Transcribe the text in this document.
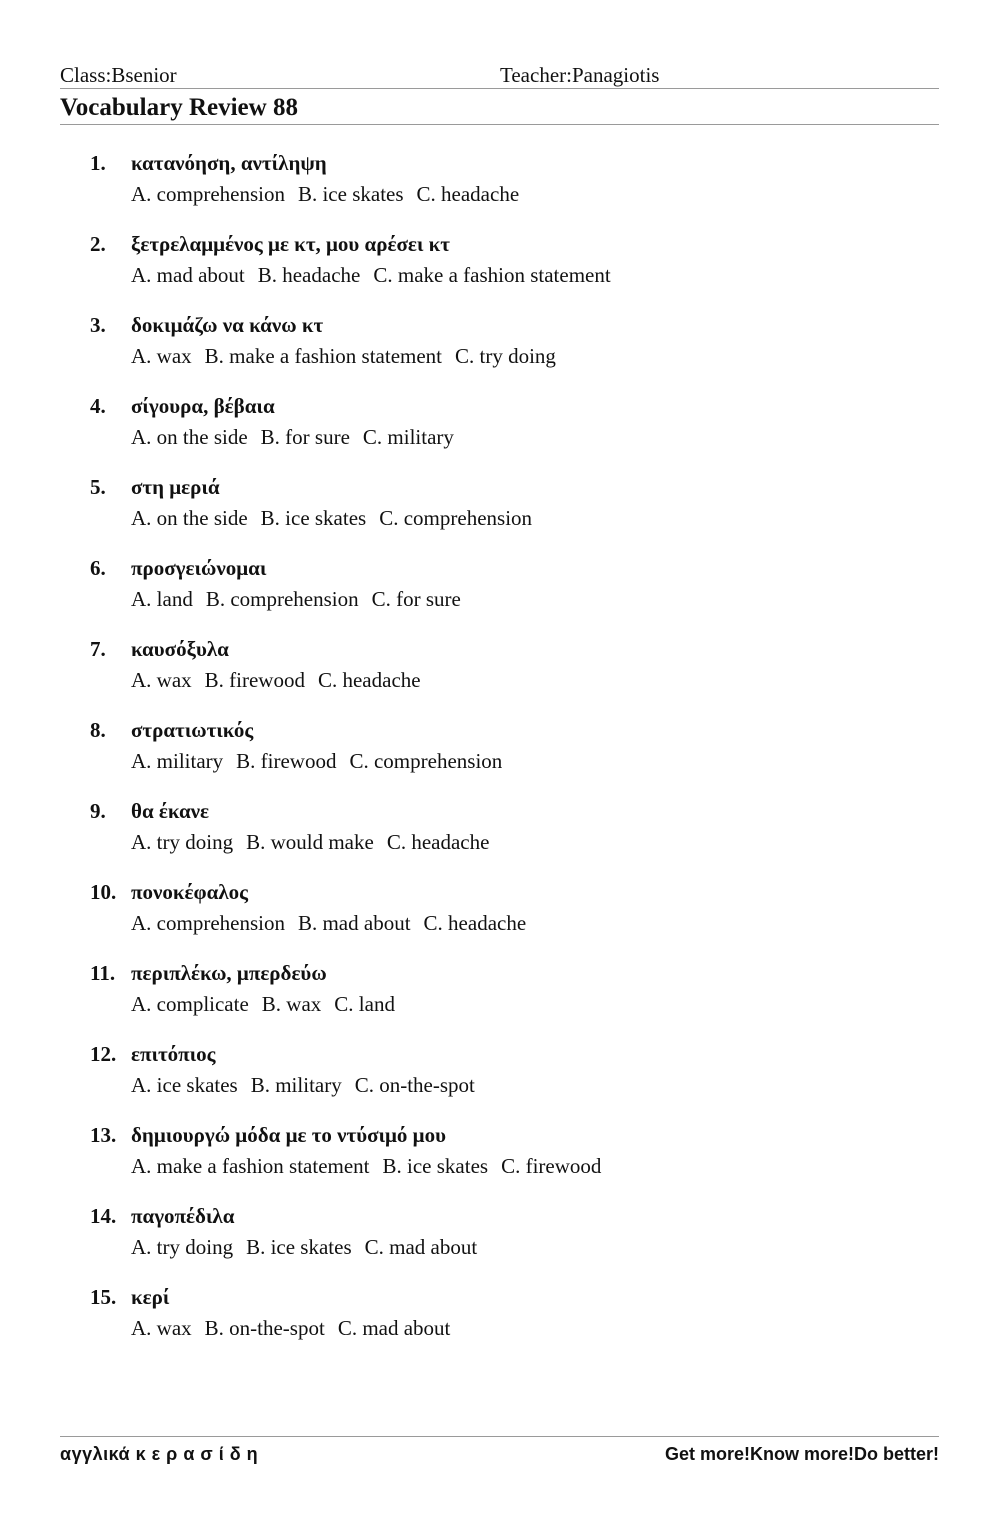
Class:Bsenior	Teacher:Panagiotis
Vocabulary Review 88
1. κατανόηση, αντίληψη
A. comprehension B. ice skates C. headache
2. ξετρελαμμένος με κτ, μου αρέσει κτ
A. mad about B. headache C. make a fashion statement
3. δοκιμάζω να κάνω κτ
A. wax B. make a fashion statement C. try doing
4. σίγουρα, βέβαια
A. on the side B. for sure C. military
5. στη μεριά
A. on the side B. ice skates C. comprehension
6. προσγειώνομαι
A. land B. comprehension C. for sure
7. καυσόξυλα
A. wax B. firewood C. headache
8. στρατιωτικός
A. military B. firewood C. comprehension
9. θα έκανε
A. try doing B. would make C. headache
10. πονοκέφαλος
A. comprehension B. mad about C. headache
11. περιπλέκω, μπερδεύω
A. complicate B. wax C. land
12. επιτόπιος
A. ice skates B. military C. on-the-spot
13. δημιουργώ μόδα με το ντύσιμό μου
A. make a fashion statement B. ice skates C. firewood
14. παγοπέδιλα
A. try doing B. ice skates C. mad about
15. κερί
A. wax B. on-the-spot C. mad about
αγγλικά κ ε ρ α σ ί δ η	Get more!Know more!Do better!
